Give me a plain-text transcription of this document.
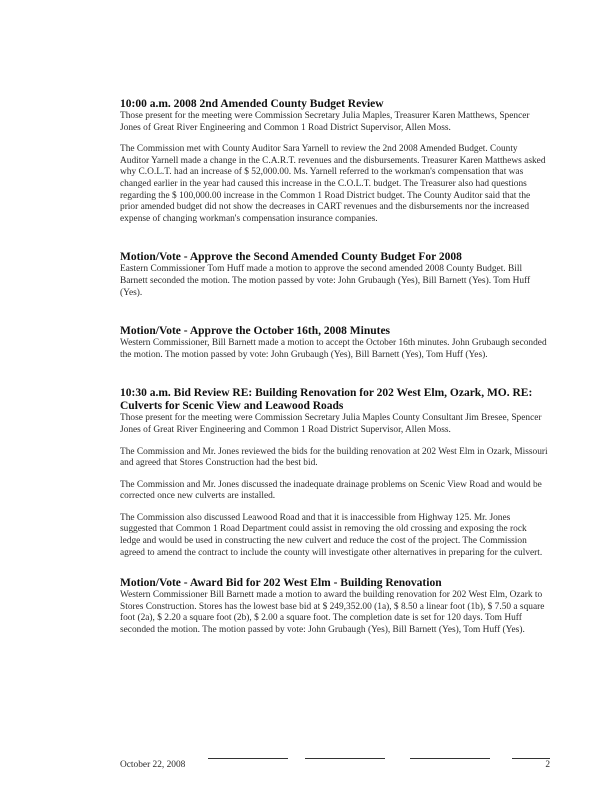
10:00 a.m. 2008 2nd Amended County Budget Review

Those present for the meeting were Commission Secretary Julia Maples, Treasurer Karen Matthews, Spencer Jones of Great River Engineering and Common 1 Road District Supervisor, Allen Moss.

The Commission met with County Auditor Sara Yarnell to review the 2nd 2008 Amended Budget. County Auditor Yarnell made a change in the C.A.R.T. revenues and the disbursements. Treasurer Karen Matthews asked why C.O.L.T. had an increase of $ 52,000.00. Ms. Yarnell referred to the workman's compensation that was changed earlier in the year had caused this increase in the C.O.L.T. budget. The Treasurer also had questions regarding the $ 100,000.00 increase in the Common 1 Road District budget. The County Auditor said that the prior amended budget did not show the decreases in CART revenues and the disbursements nor the increased expense of changing workman's compensation insurance companies.

Motion/Vote - Approve the Second Amended County Budget For 2008

Eastern Commissioner Tom Huff made a motion to approve the second amended 2008 County Budget. Bill Barnett seconded the motion. The motion passed by vote: John Grubaugh (Yes), Bill Barnett (Yes). Tom Huff (Yes).

Motion/Vote - Approve the October 16th, 2008 Minutes

Western Commissioner, Bill Barnett made a motion to accept the October 16th minutes. John Grubaugh seconded the motion. The motion passed by vote: John Grubaugh (Yes), Bill Barnett (Yes), Tom Huff (Yes).

10:30 a.m. Bid Review RE: Building Renovation for 202 West Elm, Ozark, MO. RE: Culverts for Scenic View and Leawood Roads

Those present for the meeting were Commission Secretary Julia Maples County Consultant Jim Bresee, Spencer Jones of Great River Engineering and Common 1 Road District Supervisor, Allen Moss.

The Commission and Mr. Jones reviewed the bids for the building renovation at 202 West Elm in Ozark, Missouri and agreed that Stores Construction had the best bid.

The Commission and Mr. Jones discussed the inadequate drainage problems on Scenic View Road and would be corrected once new culverts are installed.

The Commission also discussed Leawood Road and that it is inaccessible from Highway 125. Mr. Jones suggested that Common 1 Road Department could assist in removing the old crossing and exposing the rock ledge and would be used in constructing the new culvert and reduce the cost of the project. The Commission agreed to amend the contract to include the county will investigate other alternatives in preparing for the culvert.

Motion/Vote - Award Bid for 202 West Elm - Building Renovation

Western Commissioner Bill Barnett made a motion to award the building renovation for 202 West Elm, Ozark to Stores Construction. Stores has the lowest base bid at $ 249,352.00 (1a), $ 8.50 a linear foot (1b), $ 7.50 a square foot (2a), $ 2.20 a square foot (2b), $ 2.00 a square foot. The completion date is set for 120 days. Tom Huff seconded the motion. The motion passed by vote: John Grubaugh (Yes), Bill Barnett (Yes), Tom Huff (Yes).

October 22, 2008	2
